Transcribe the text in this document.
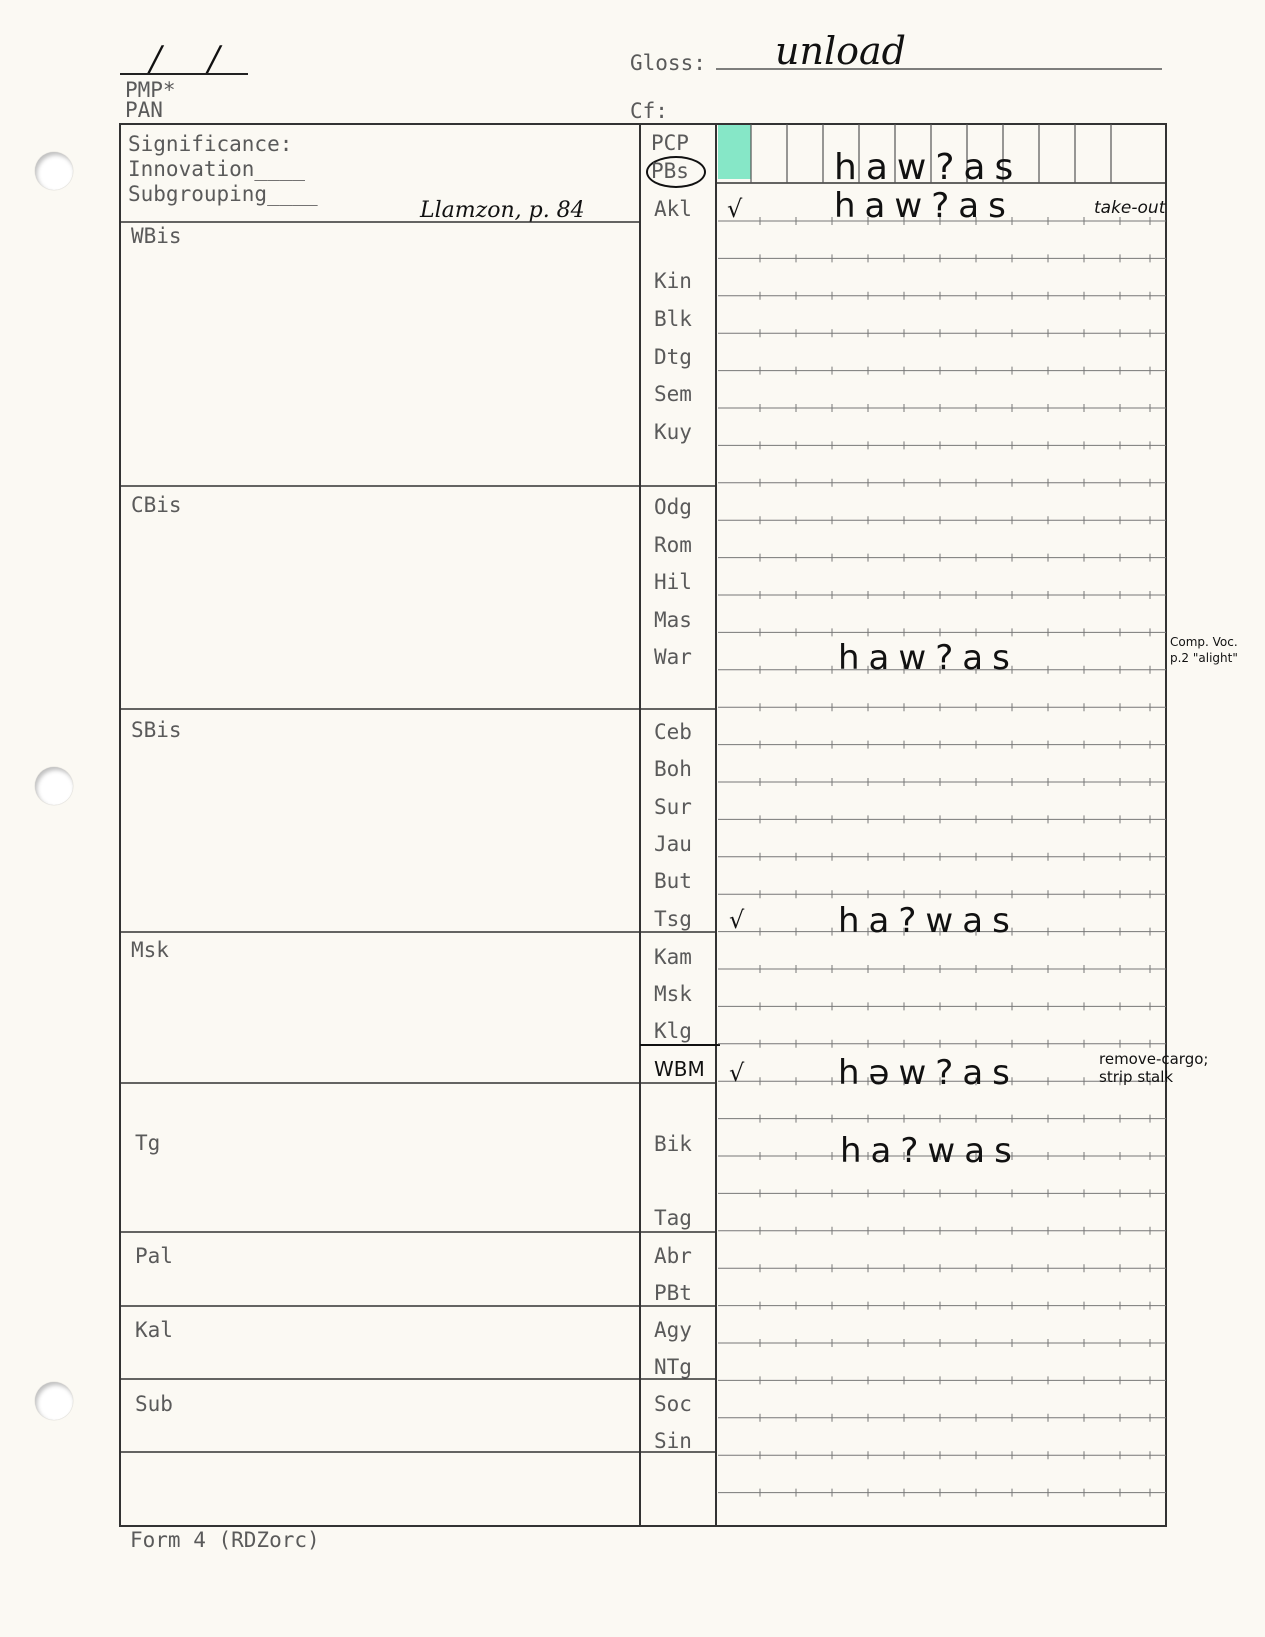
/ /
PMP*
PAN
Gloss: unload
Cf:
Significance:
Innovation____
Subgrouping____
Llamzon, p. 84
WBis
CBis
SBis
Msk
Tg
Pal
Kal
Sub
PCP
PBs
Akl
Kin
Blk
Dtg
Sem
Kuy
Odg
Rom
Hil
Mas
War
Ceb
Boh
Sur
Jau
But
Tsg
Kam
Msk
Klg
WBM
Bik
Tag
Abr
PBt
Agy
NTg
Soc
Sin
√
√
√
haw?as
haw?as
haw?as
ha?was
həw?as
ha?was
take-out
Comp. Voc.
p.2 "alight"
remove-cargo;
strip stalk
Form 4 (RDZorc)
